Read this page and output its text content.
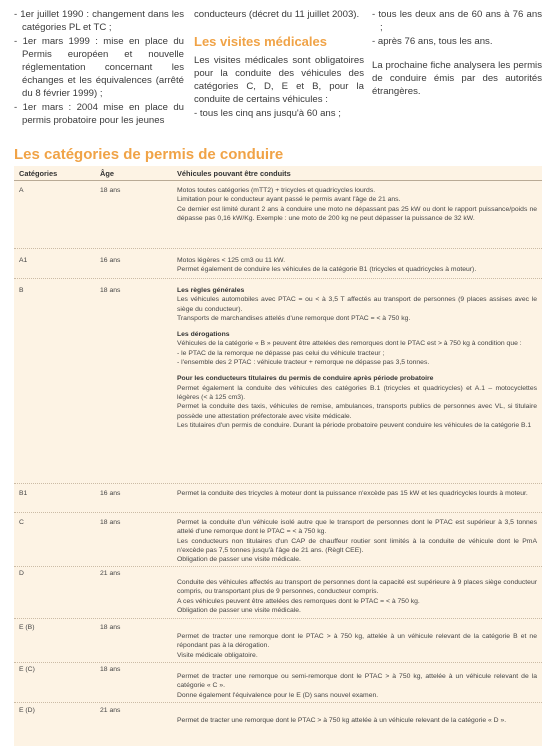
- 1er juillet 1990 : changement dans les catégories PL et TC ;

- 1er mars 1999 : mise en place du Permis européen et nouvelle réglementation concernant les échanges et les équivalences (arrêté du 8 février 1999) ;

- 1er mars : 2004 mise en place du permis probatoire pour les jeunes

conducteurs (décret du 11 juillet 2003).

Les visites médicales

Les visites médicales sont obligatoires pour la conduite des véhicules des catégories C, D, E et B, pour la conduite de certains véhicules :

- tous les cinq ans jusqu'à 60 ans ;

- tous les deux ans de 60 ans à 76 ans ;

- après 76 ans, tous les ans.

La prochaine fiche analysera les permis de conduire émis par des autorités étrangères.

Les catégories de permis de conduire
Catégories	Âge	Véhicules pouvant être conduits
A	18 ans	Motos toutes catégories (mTT2) + tricycles et quadricycles lourds.

Limitation pour le conducteur ayant passé le permis avant l'âge de 21 ans.

Ce dernier est limité durant 2 ans à conduire une moto ne dépassant pas 25 kW ou dont le rapport puissance/poids ne dépasse pas 0,16 kW/Kg. Exemple : une moto de 200 kg ne peut dépasser la puissance de 32 kW.

A1	16 ans	Motos légères < 125 cm3 ou 11 kW.

Permet également de conduire les véhicules de la catégorie B1 (tricycles et quadricycles à moteur).

B	18 ans	Les règles générales

Les véhicules automobiles avec PTAC = ou < à 3,5 T affectés au transport de personnes (9 places assises avec le siège du conducteur).

Transports de marchandises attelés d'une remorque dont PTAC = < à 750 kg.

Les dérogations

Véhicules de la catégorie « B » peuvent être attelées des remorques dont le PTAC est > à 750 kg à condition que :

- le PTAC de la remorque ne dépasse pas celui du véhicule tracteur ;

- l'ensemble des 2 PTAC : véhicule tracteur + remorque ne dépasse pas 3,5 tonnes.

Pour les conducteurs titulaires du permis de conduire après période probatoire

Permet également la conduite des véhicules des catégories B.1 (tricycles et quadricycles) et A.1 – motocyclettes légères (< à 125 cm3).

Permet la conduite des taxis, véhicules de remise, ambulances, transports publics de personnes avec VL, si titulaire possède une attestation préfectorale avec visite médicale.

Les titulaires d'un permis de conduire. Durant la période probatoire peuvent conduire les véhicules de la catégorie B.1

B1	16 ans	Permet la conduite des tricycles à moteur dont la puissance n'excède pas 15 kW et les quadricycles lourds à moteur.

C	18 ans	Permet la conduite d'un véhicule isolé autre que le transport de personnes dont le PTAC est supérieur à 3,5 tonnes attelé d'une remorque dont le PTAC = < à 750 kg.

Les conducteurs non titulaires d'un CAP de chauffeur routier sont limités à la conduite de véhicule dont le PmA n'excède pas 7,5 tonnes jusqu'à l'âge de 21 ans. (Règlt CEE).

Obligation de passer une visite médicale.

D	21 ans

Conduite des véhicules affectés au transport de personnes dont la capacité est supérieure à 9 places siège conducteur compris, ou transportant plus de 9 personnes, conducteur compris.

A ces véhicules peuvent être attelées des remorques dont le PTAC = < à 750 kg.

Obligation de passer une visite médicale.

E (B)	18 ans

Permet de tracter une remorque dont le PTAC > à 750 kg, attelée à un véhicule relevant de la catégorie B et ne répondant pas à la dérogation.

Visite médicale obligatoire.

E (C)	18 ans

Permet de tracter une remorque ou semi-remorque dont le PTAC > à 750 kg, attelée à un véhicule relevant de la catégorie « C ».

Donne également l'équivalence pour le E (D) sans nouvel examen.

E (D)	21 ans

Permet de tracter une remorque dont le PTAC > à 750 kg attelée à un véhicule relevant de la catégorie « D ».
